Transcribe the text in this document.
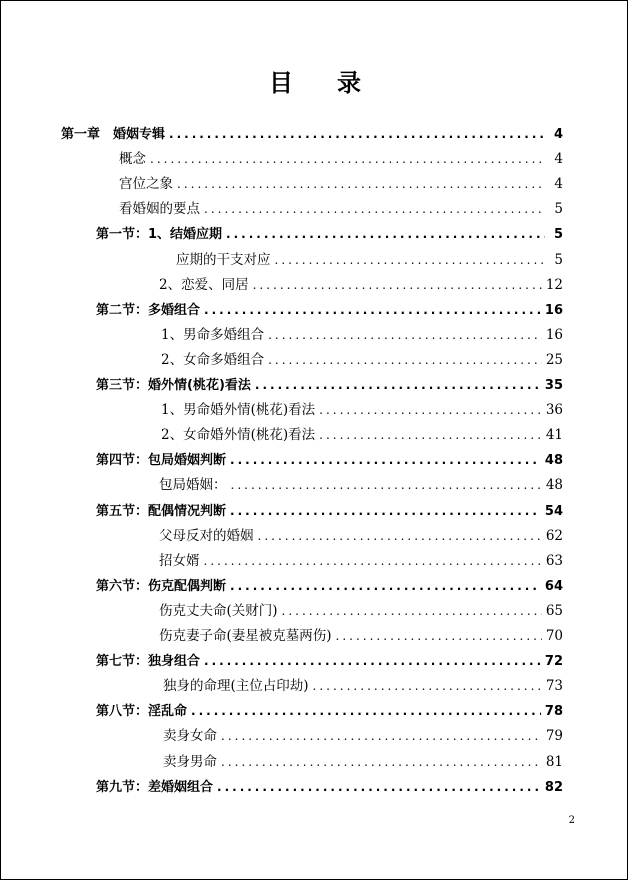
目 录
第一章　婚姻专辑 .....	4
概念 .....	4
宫位之象 .....	4
看婚姻的要点 .....	5
第一节：1、结婚应期 .....	5
应期的干支对应 .....	5
2、恋爱、同居 .....	12
第二节：多婚组合 .....	16
1、男命多婚组合 .....	16
2、女命多婚组合 .....	25
第三节：婚外情(桃花)看法 .....	35
1、男命婚外情(桃花)看法 .....	36
2、女命婚外情(桃花)看法 .....	41
第四节：包局婚姻判断 .....	48
包局婚姻： .....	48
第五节：配偶情况判断 .....	54
父母反对的婚姻 .....	62
招女婿 .....	63
第六节：伤克配偶判断 .....	64
伤克丈夫命(关财门) .....	65
伤克妻子命(妻星被克墓两伤) .....	70
第七节：独身组合 .....	72
独身的命理(主位占印劫) .....	73
第八节：淫乱命 .....	78
卖身女命 .....	79
卖身男命 .....	81
第九节：差婚姻组合 .....	82
2
